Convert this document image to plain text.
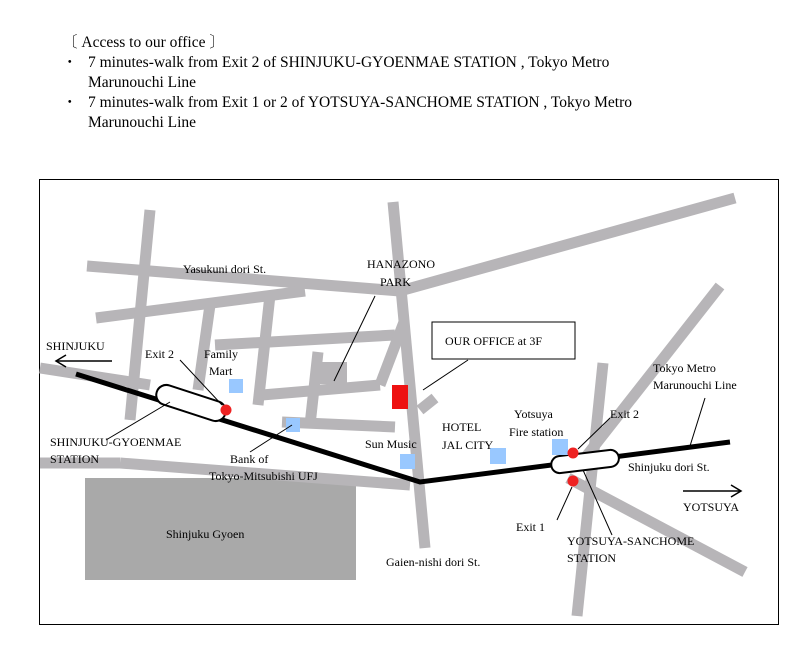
〔 Access to our office 〕
・ 7 minutes-walk from Exit 2 of SHINJUKU-GYOENMAE STATION , Tokyo Metro
Marunouchi Line
・ 7 minutes-walk from Exit 1 or 2 of YOTSUYA-SANCHOME STATION , Tokyo Metro
Marunouchi Line
OUR OFFICE at 3F
Yasukuni dori St.
Shinjuku dori St.
Gaien-nishi dori St.
HANAZONO
PARK
Shinjuku Gyoen
Family
Mart
Bank of
Tokyo-Mitsubishi UFJ
Sun Music
HOTEL
JAL CITY
Yotsuya
Fire station
Exit 2
SHINJUKU-GYOENMAE
STATION
Exit 2
Exit 1
YOTSUYA-SANCHOME
STATION
Tokyo Metro
Marunouchi Line
SHINJUKU
YOTSUYA
